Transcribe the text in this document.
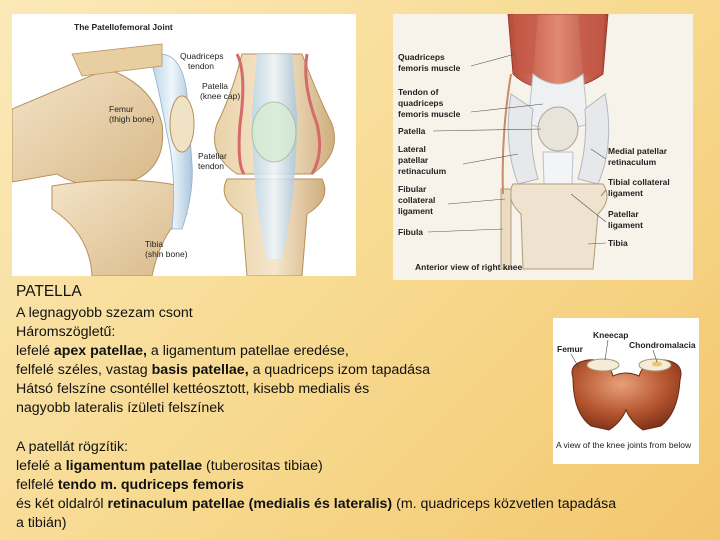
The Patellofemoral Joint
Quadriceps
tendon
Patella
(knee cap)
Femur
(thigh bone)
Patellar
tendon
Tibia
(shin bone)
Quadriceps
femoris muscle
Tendon of
quadriceps
femoris muscle
Patella
Lateral
patellar
retinaculum
Fibular
collateral
ligament
Fibula
Medial patellar
retinaculum
Tibial collateral
ligament
Patellar
ligament
Tibia
Anterior view of right knee
Kneecap
Femur	Chondromalacia
A view of the knee joints from below
PATELLA
A legnagyobb szezam csont
Háromszögletű:
lefelé apex patellae, a ligamentum patellae eredése,
felfelé széles, vastag basis patellae, a quadriceps izom tapadása
Hátsó felszíne csontéllel kettéosztott, kisebb medialis és
nagyobb lateralis ízületi felszínek
A patellát rögzítik:
lefelé a ligamentum patellae (tuberositas tibiae)
felfelé tendo m. qudriceps femoris
és két oldalról retinaculum patellae (medialis és lateralis) (m. quadriceps közvetlen tapadása
a tibián)
